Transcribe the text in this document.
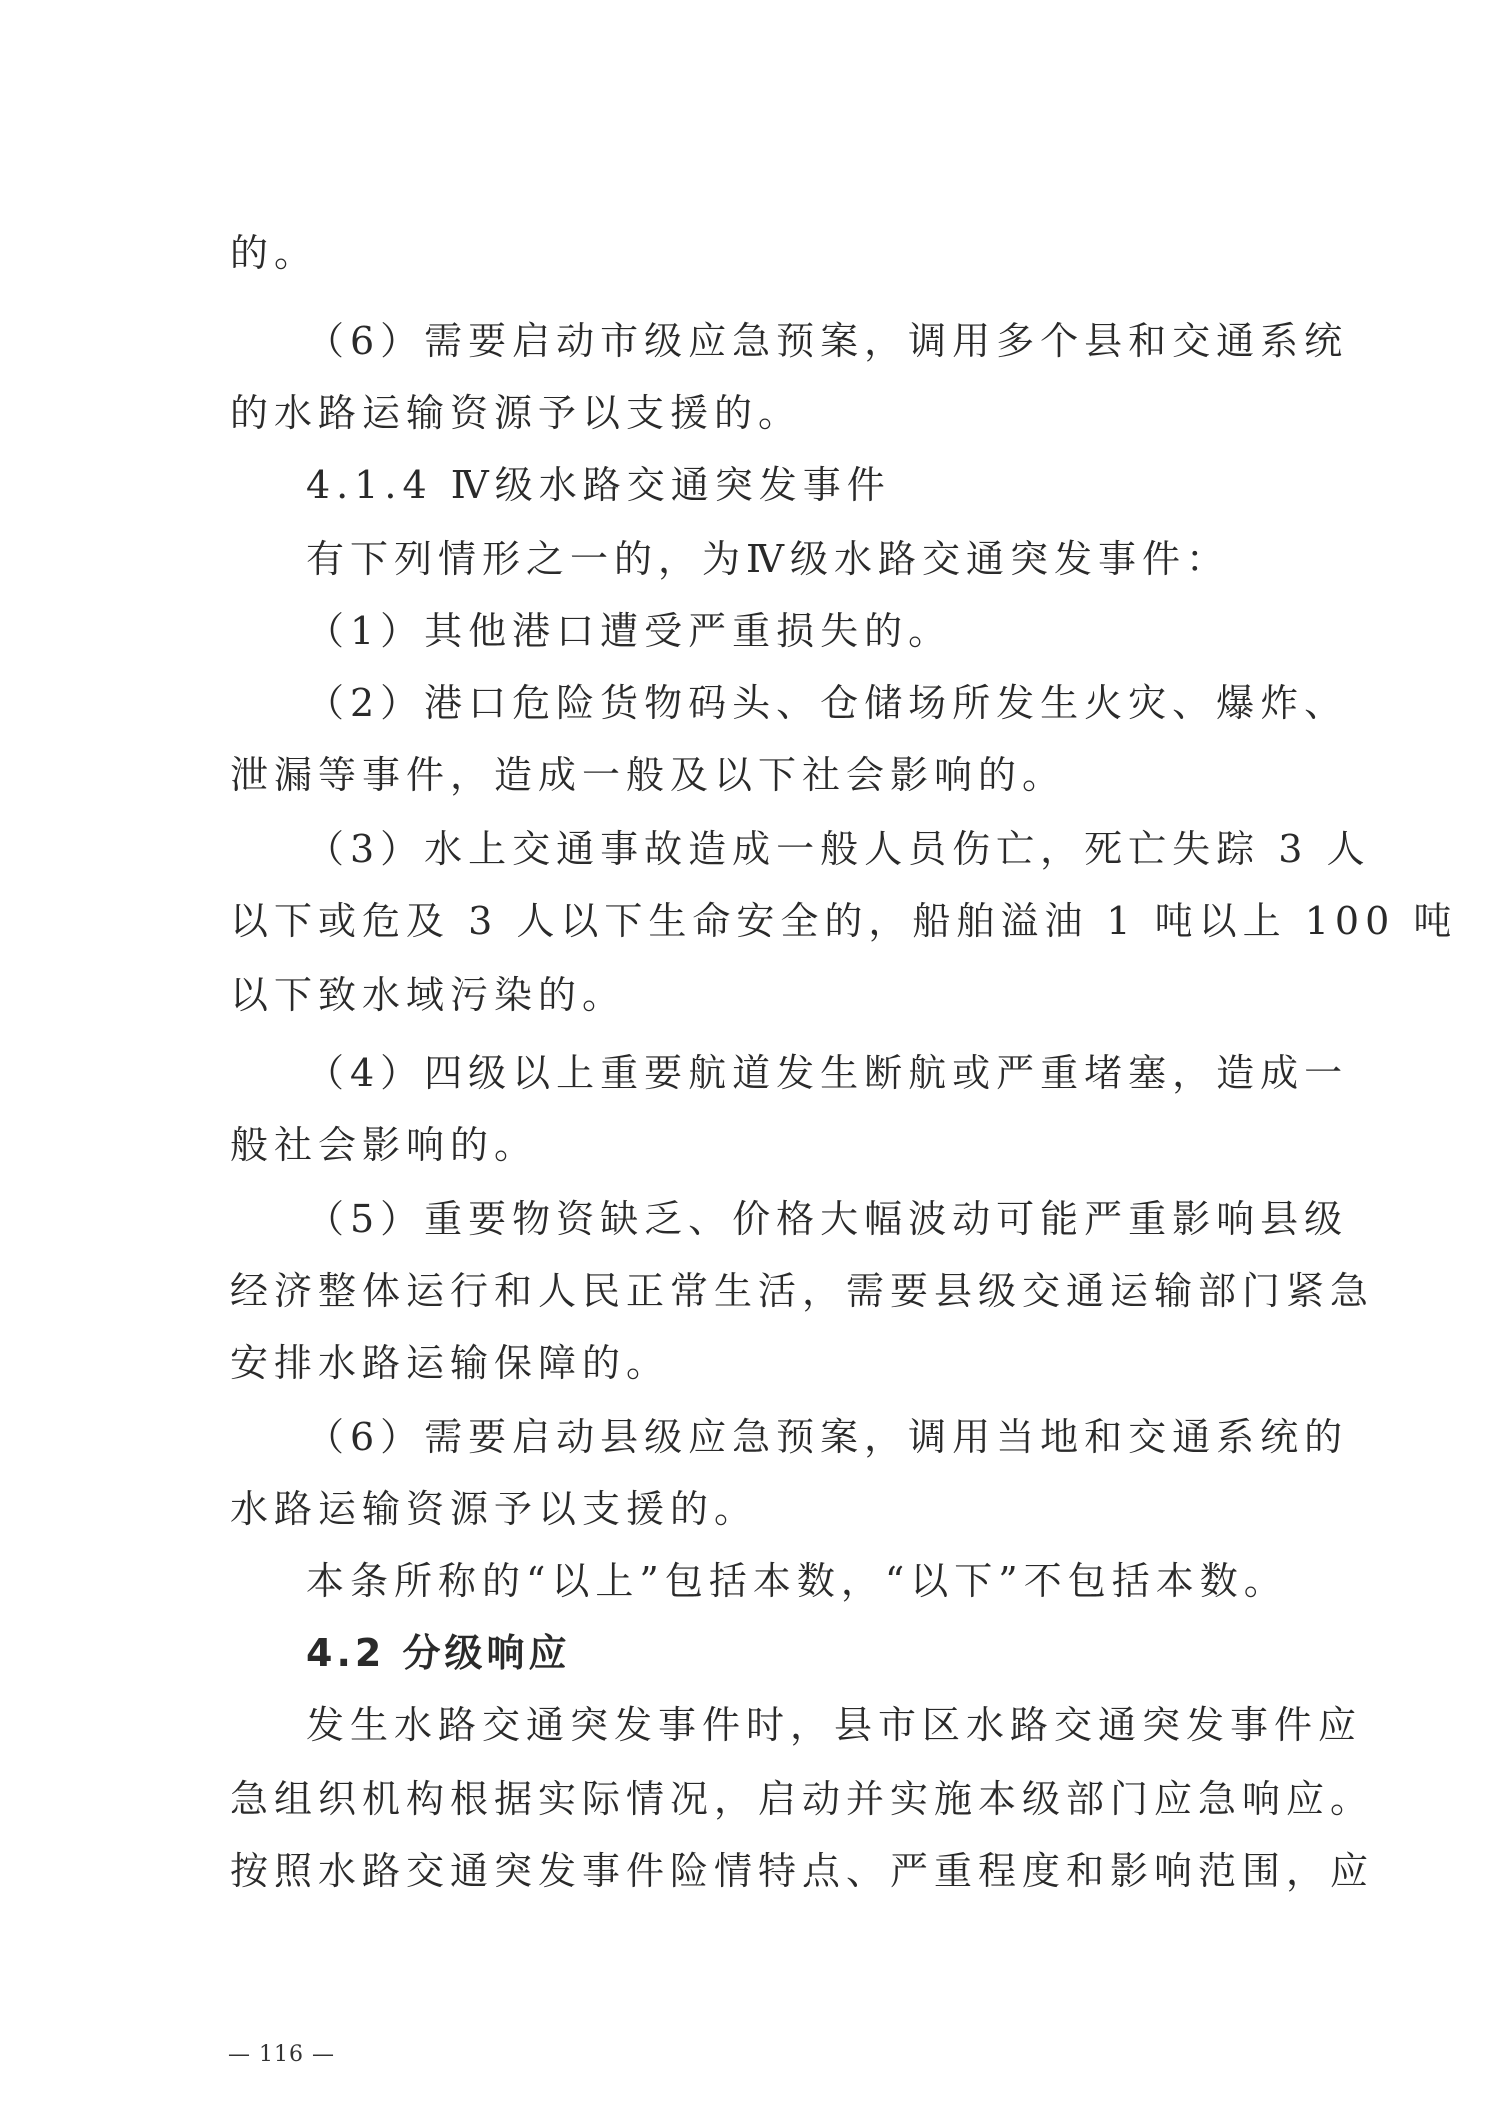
的。
（6）需要启动市级应急预案，调用多个县和交通系统
的水路运输资源予以支援的。
4.1.4 Ⅳ级水路交通突发事件
有下列情形之一的，为Ⅳ级水路交通突发事件：
（1）其他港口遭受严重损失的。
（2）港口危险货物码头、仓储场所发生火灾、爆炸、
泄漏等事件，造成一般及以下社会影响的。
（3）水上交通事故造成一般人员伤亡，死亡失踪 3 人
以下或危及 3 人以下生命安全的，船舶溢油 1 吨以上 100 吨
以下致水域污染的。
（4）四级以上重要航道发生断航或严重堵塞，造成一
般社会影响的。
（5）重要物资缺乏、价格大幅波动可能严重影响县级
经济整体运行和人民正常生活，需要县级交通运输部门紧急
安排水路运输保障的。
（6）需要启动县级应急预案，调用当地和交通系统的
水路运输资源予以支援的。
本条所称的“以上”包括本数，“以下”不包括本数。
4.2 分级响应
发生水路交通突发事件时，县市区水路交通突发事件应
急组织机构根据实际情况，启动并实施本级部门应急响应。
按照水路交通突发事件险情特点、严重程度和影响范围，应
— 116 —
